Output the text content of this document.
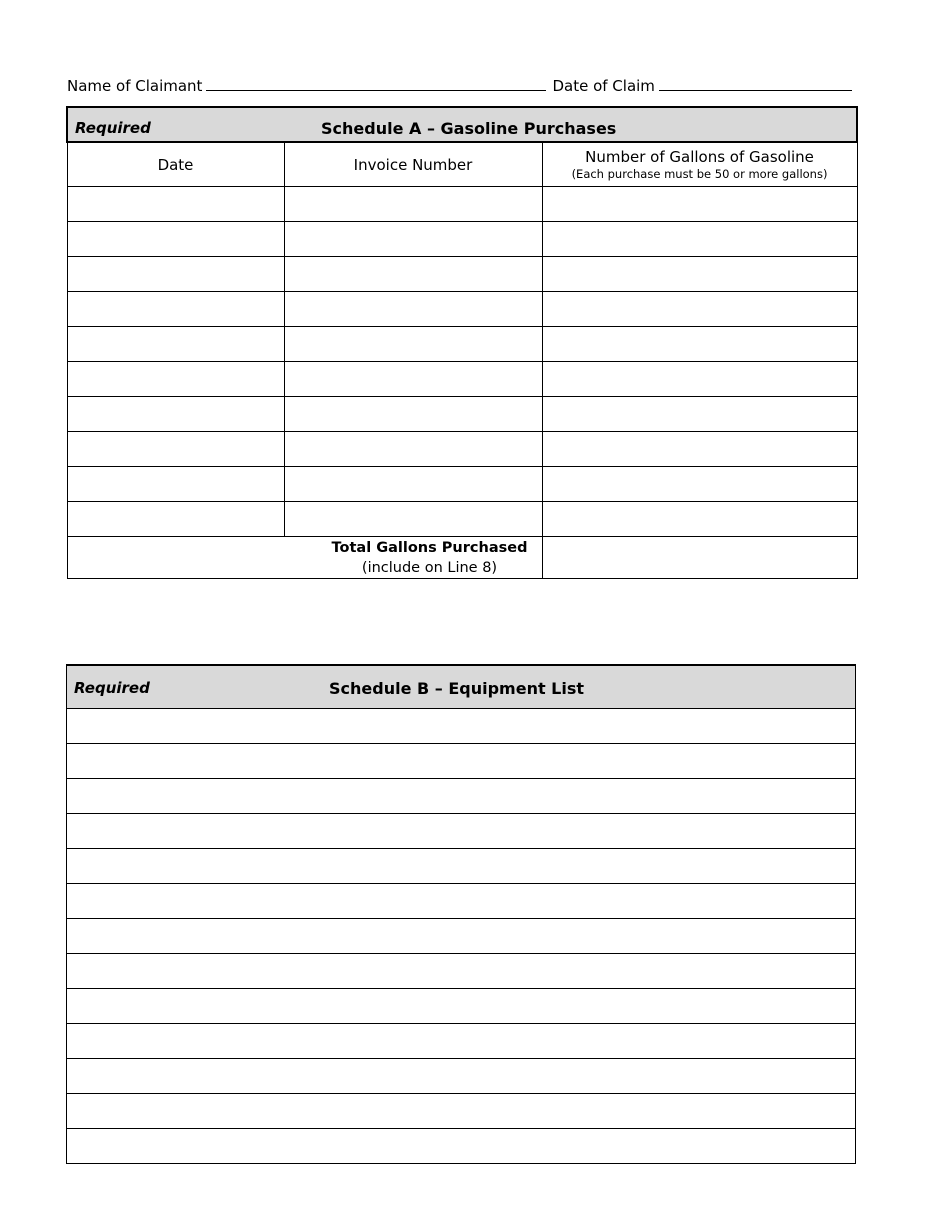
Name of Claimant	Date of Claim
Required Schedule A – Gasoline Purchases		

Date	Invoice Number	Number of Gallons of Gasoline
(Each purchase must be 50 or more gallons)

Total Gallons Purchased
(include on Line 8)		

Required	Schedule B – Equipment List
